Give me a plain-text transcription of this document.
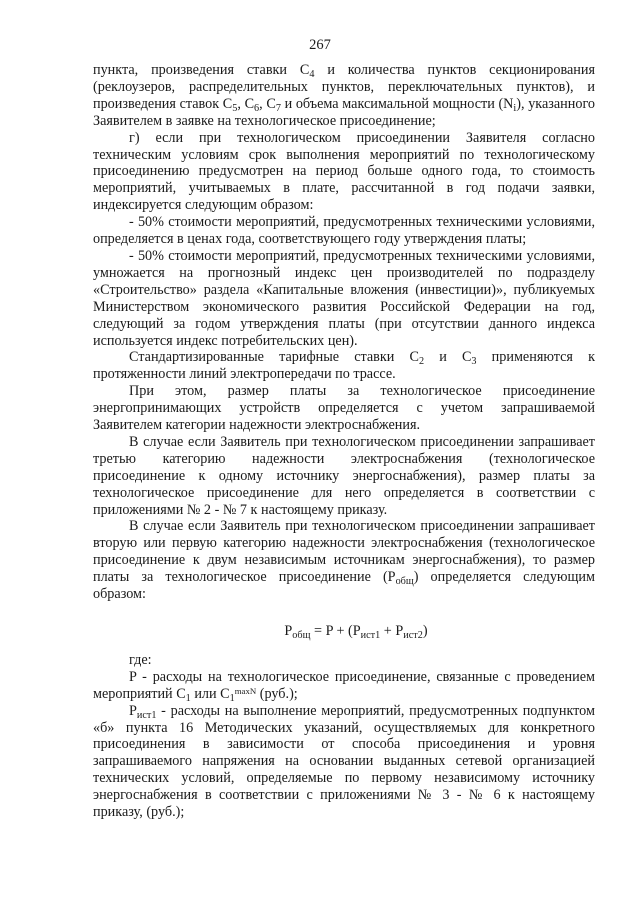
267

пункта, произведения ставки $С_4$ и количества пунктов секционирования (реклоузеров, распределительных пунктов, переключательных пунктов), и произведения ставок $С_5$, $С_6$, $С_7$ и объема максимальной мощности $(N_i)$, указанного Заявителем в заявке на технологическое присоединение;

г) если при технологическом присоединении Заявителя согласно техническим условиям срок выполнения мероприятий по технологическому присоединению предусмотрен на период больше одного года, то стоимость мероприятий, учитываемых в плате, рассчитанной в год подачи заявки, индексируется следующим образом:

- 50% стоимости мероприятий, предусмотренных техническими условиями, определяется в ценах года, соответствующего году утверждения платы;

- 50% стоимости мероприятий, предусмотренных техническими условиями, умножается на прогнозный индекс цен производителей по подразделу «Строительство» раздела «Капитальные вложения (инвестиции)», публикуемых Министерством экономического развития Российской Федерации на год, следующий за годом утверждения платы (при отсутствии данного индекса используется индекс потребительских цен).

Стандартизированные тарифные ставки $С_2$ и $С_3$ применяются к протяженности линий электропередачи по трассе.

При этом, размер платы за технологическое присоединение энергопринимающих устройств определяется с учетом запрашиваемой Заявителем категории надежности электроснабжения.

В случае если Заявитель при технологическом присоединении запрашивает третью категорию надежности электроснабжения (технологическое присоединение к одному источнику энергоснабжения), размер платы за технологическое присоединение для него определяется в соответствии с приложениями № 2 - № 7 к настоящему приказу.

В случае если Заявитель при технологическом присоединении запрашивает вторую или первую категорию надежности электроснабжения (технологическое присоединение к двум независимым источникам энергоснабжения), то размер платы за технологическое присоединение $(P_{общ})$ определяется следующим образом:

$P_{общ} = P + (P_{ист1} + P_{ист2})$

где:

P - расходы на технологическое присоединение, связанные с проведением мероприятий $C_1$ или $C_1^{maxN}$ (руб.);

$P_{ист1}$ - расходы на выполнение мероприятий, предусмотренных подпунктом «б» пункта 16 Методических указаний, осуществляемых для конкретного присоединения в зависимости от способа присоединения и уровня запрашиваемого напряжения на основании выданных сетевой организацией технических условий, определяемые по первому независимому источнику энергоснабжения в соответствии с приложениями № 3 - № 6 к настоящему приказу, (руб.);
